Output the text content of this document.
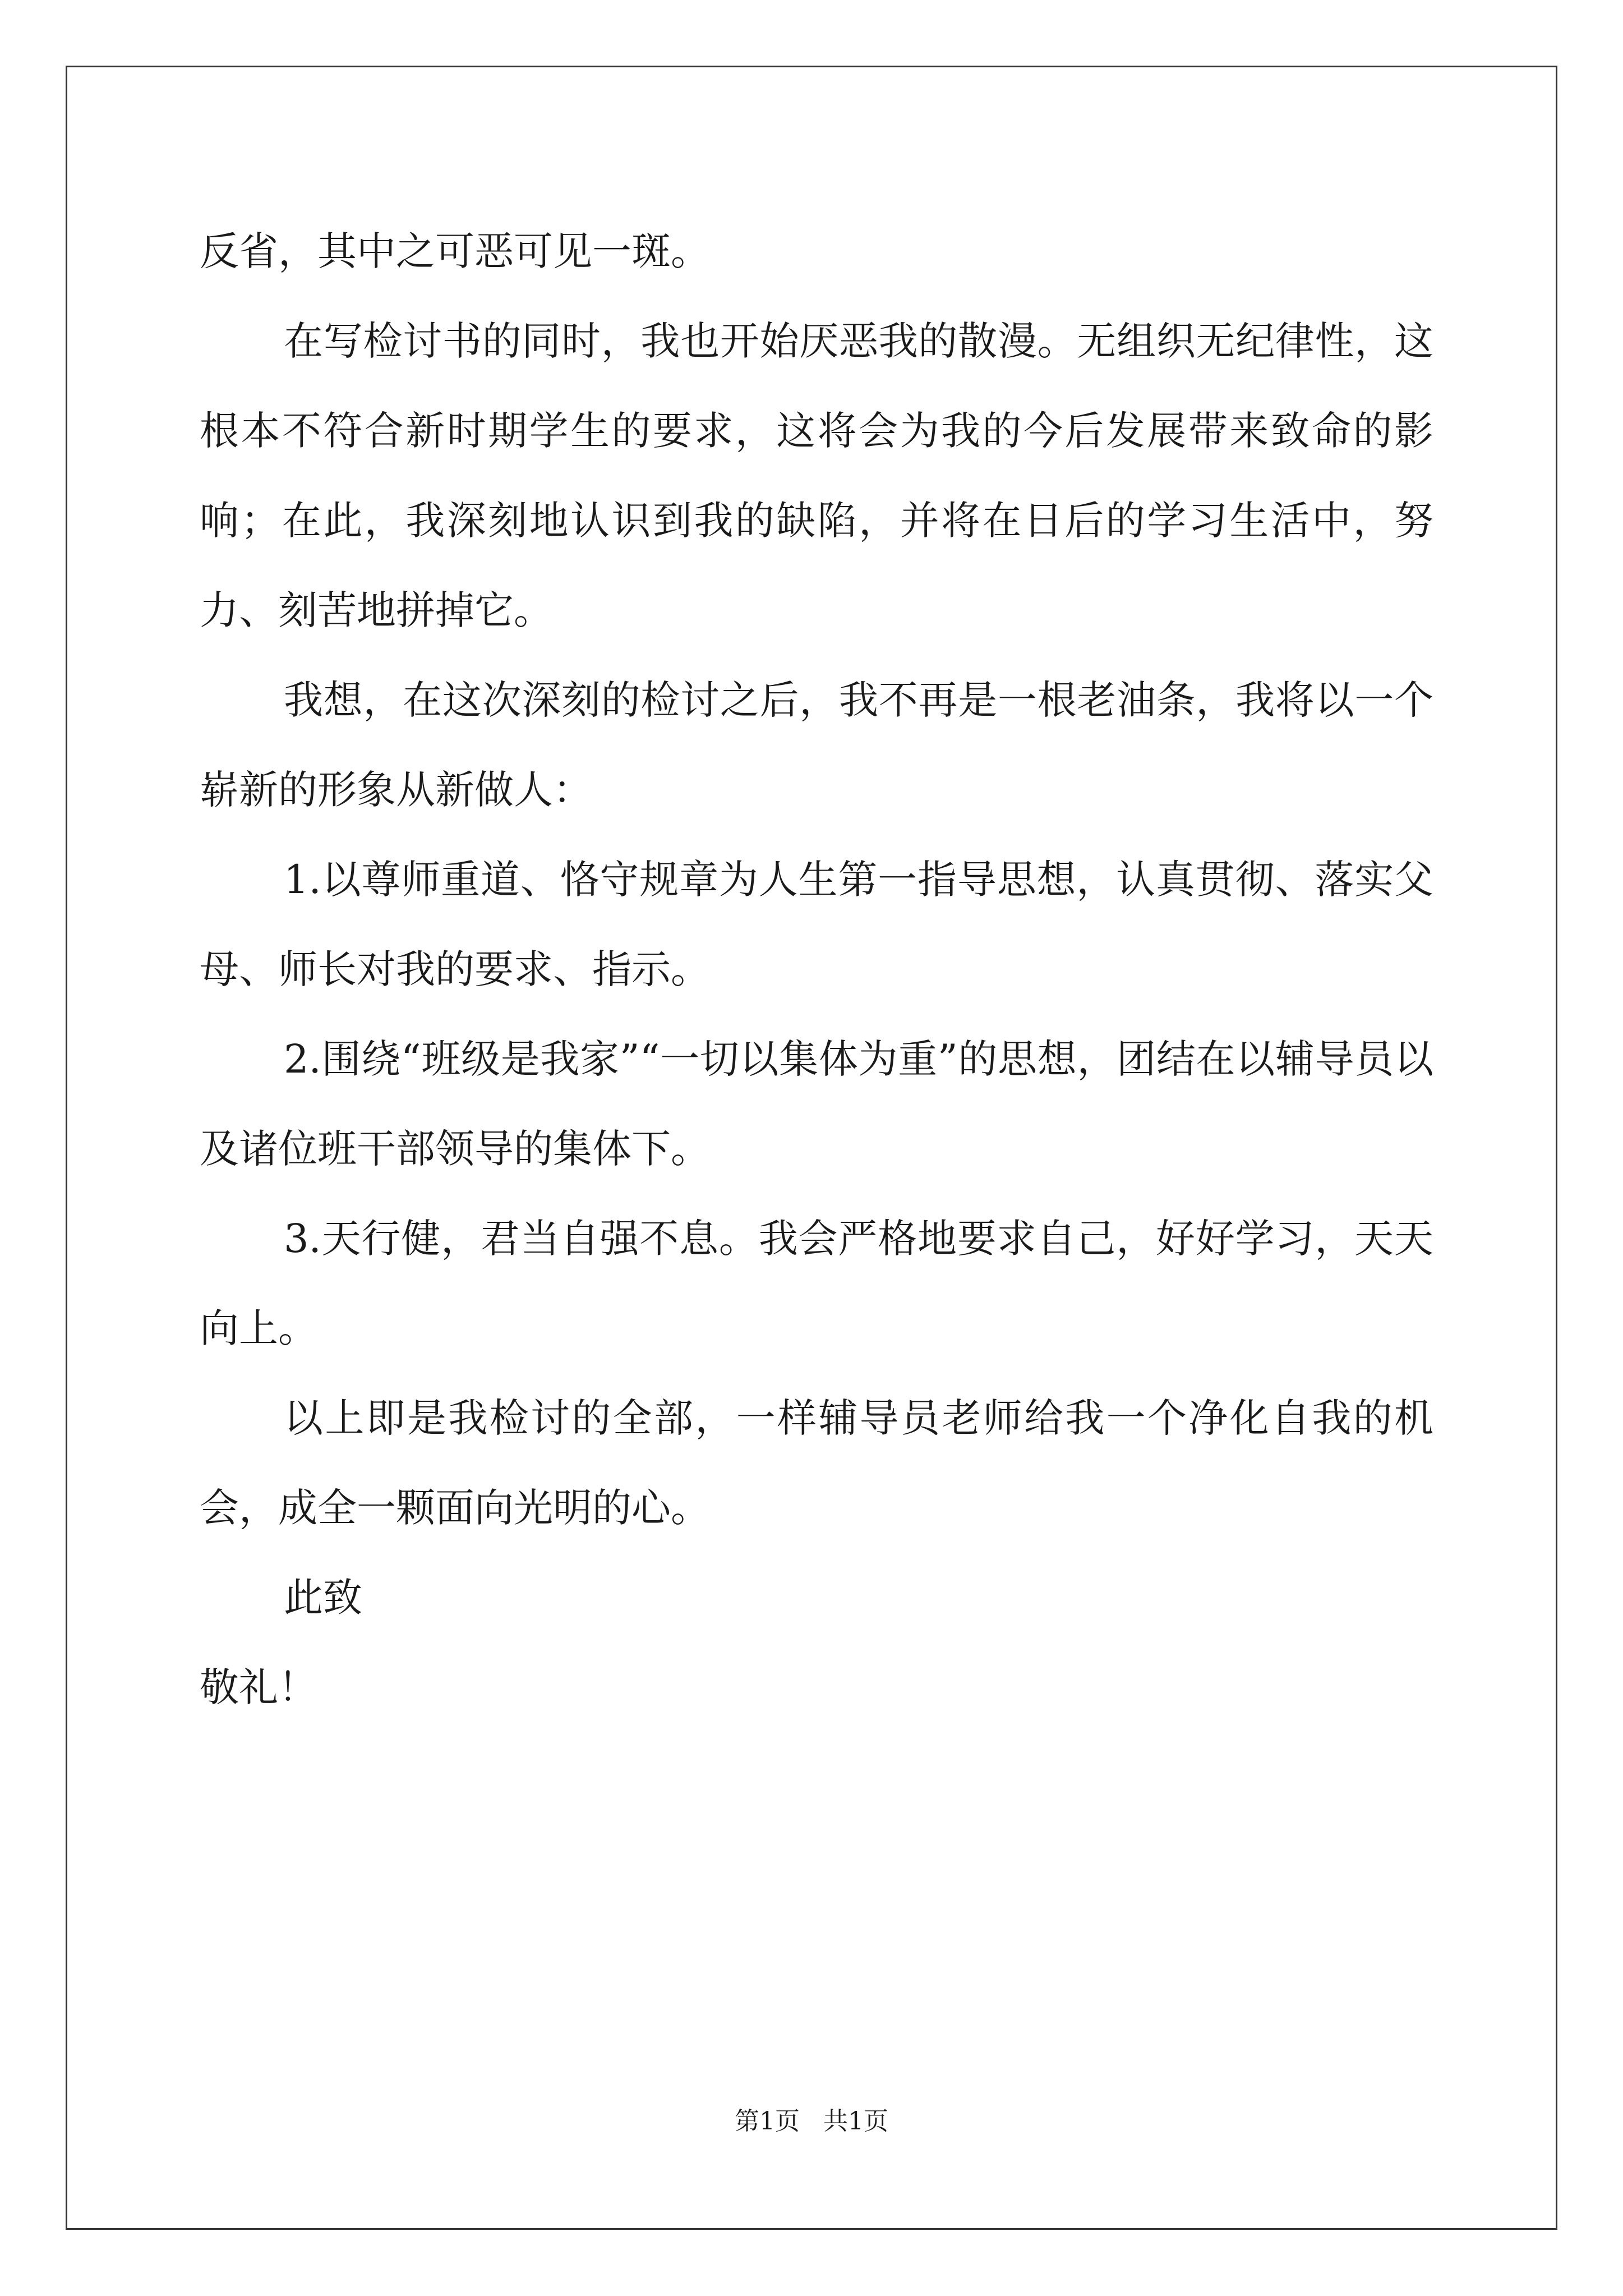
反省，其中之可恶可见一斑。

在写检讨书的同时，我也开始厌恶我的散漫。无组织无纪律性，这根本不符合新时期学生的要求，这将会为我的今后发展带来致命的影响；在此，我深刻地认识到我的缺陷，并将在日后的学习生活中，努力、刻苦地拼掉它。

我想，在这次深刻的检讨之后，我不再是一根老油条，我将以一个崭新的形象从新做人：

1.以尊师重道、恪守规章为人生第一指导思想，认真贯彻、落实父母、师长对我的要求、指示。

2.围绕“班级是我家”“一切以集体为重”的思想，团结在以辅导员以及诸位班干部领导的集体下。

3.天行健，君当自强不息。我会严格地要求自己，好好学习，天天向上。

以上即是我检讨的全部，一样辅导员老师给我一个净化自我的机会，成全一颗面向光明的心。

此致

敬礼！

第1页   共1页
